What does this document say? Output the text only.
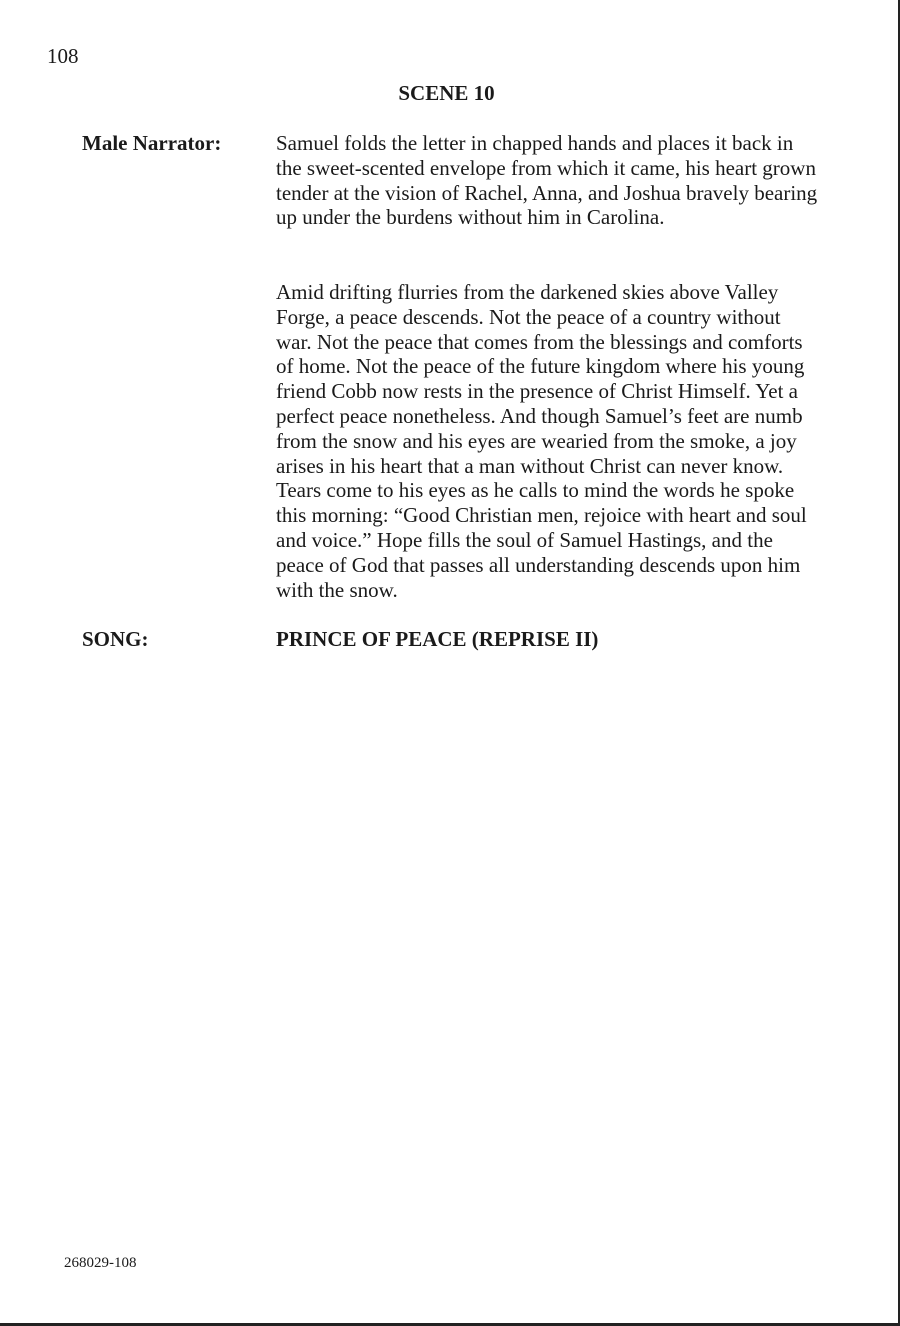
108
SCENE 10
Male Narrator:	Samuel folds the letter in chapped hands and places it back in the sweet-scented envelope from which it came, his heart grown tender at the vision of Rachel, Anna, and Joshua bravely bearing up under the burdens without him in Carolina.

Amid drifting flurries from the darkened skies above Valley Forge, a peace descends. Not the peace of a country without war. Not the peace that comes from the blessings and comforts of home. Not the peace of the future kingdom where his young friend Cobb now rests in the presence of Christ Himself. Yet a perfect peace nonetheless. And though Samuel’s feet are numb from the snow and his eyes are wearied from the smoke, a joy arises in his heart that a man without Christ can never know. Tears come to his eyes as he calls to mind the words he spoke this morning: “Good Christian men, rejoice with heart and soul and voice.” Hope fills the soul of Samuel Hastings, and the peace of God that passes all understanding descends upon him with the snow.

SONG:	PRINCE OF PEACE (REPRISE II)
268029-108
